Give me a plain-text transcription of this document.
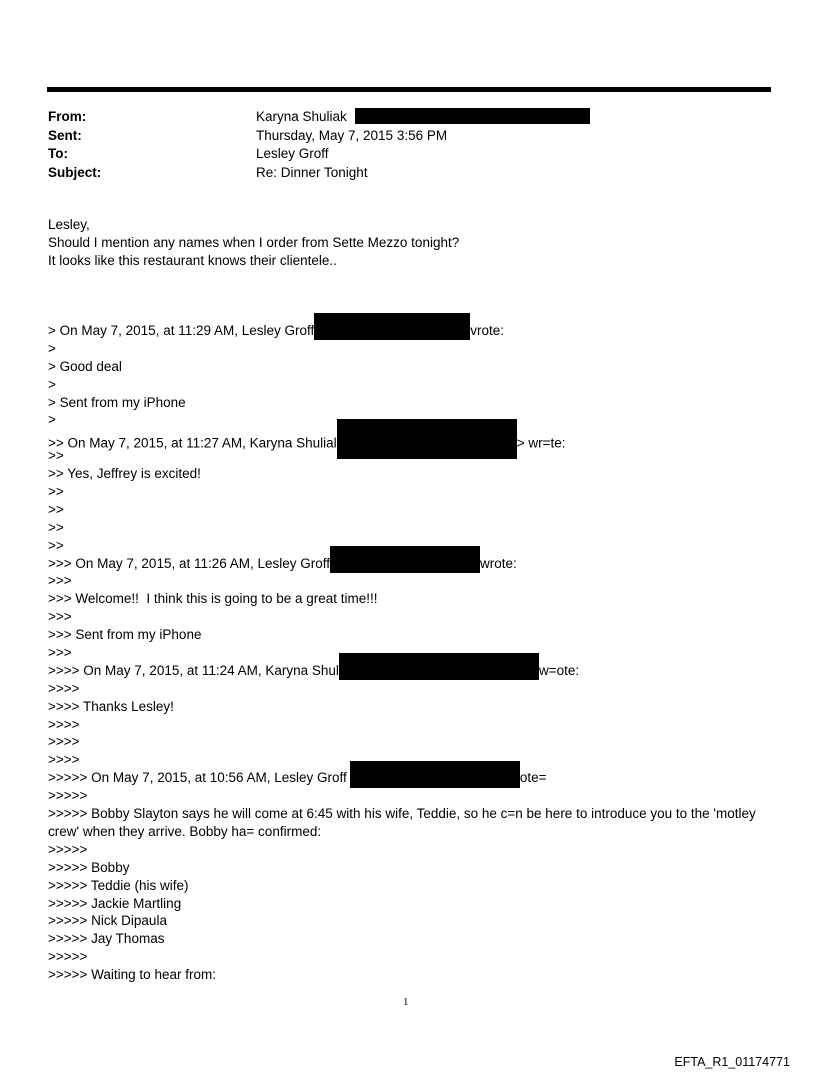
From:	Karyna Shuliak
Sent:	Thursday, May 7, 2015 3:56 PM
To:	Lesley Groff
Subject:	Re: Dinner Tonight
Lesley,
Should I mention any names when I order from Sette Mezzo tonight?
It looks like this restaurant knows their clientele..
> On May 7, 2015, at 11:29 AM, Lesley Groff	vrote:
>
> Good deal
>
> Sent from my iPhone
>
>> On May 7, 2015, at 11:27 AM, Karyna Shulial	> wr=te:
>>
>> Yes, Jeffrey is excited!
>>
>>
>>
>>
>>> On May 7, 2015, at 11:26 AM, Lesley Groff	wrote:
>>>
>>> Welcome!!  I think this is going to be a great time!!!
>>>
>>> Sent from my iPhone
>>>
>>>> On May 7, 2015, at 11:24 AM, Karyna Shul	w=ote:
>>>>
>>>> Thanks Lesley!
>>>>
>>>>
>>>>
>>>>> On May 7, 2015, at 10:56 AM, Lesley Groff	ote=
>>>>>
>>>>> Bobby Slayton says he will come at 6:45 with his wife, Teddie, so he c=n be here to introduce you to the 'motley crew' when they arrive. Bobby ha= confirmed:
>>>>>
>>>>> Bobby
>>>>> Teddie (his wife)
>>>>> Jackie Martling
>>>>> Nick Dipaula
>>>>> Jay Thomas
>>>>>
>>>>> Waiting to hear from:
1
EFTA_R1_01174771
